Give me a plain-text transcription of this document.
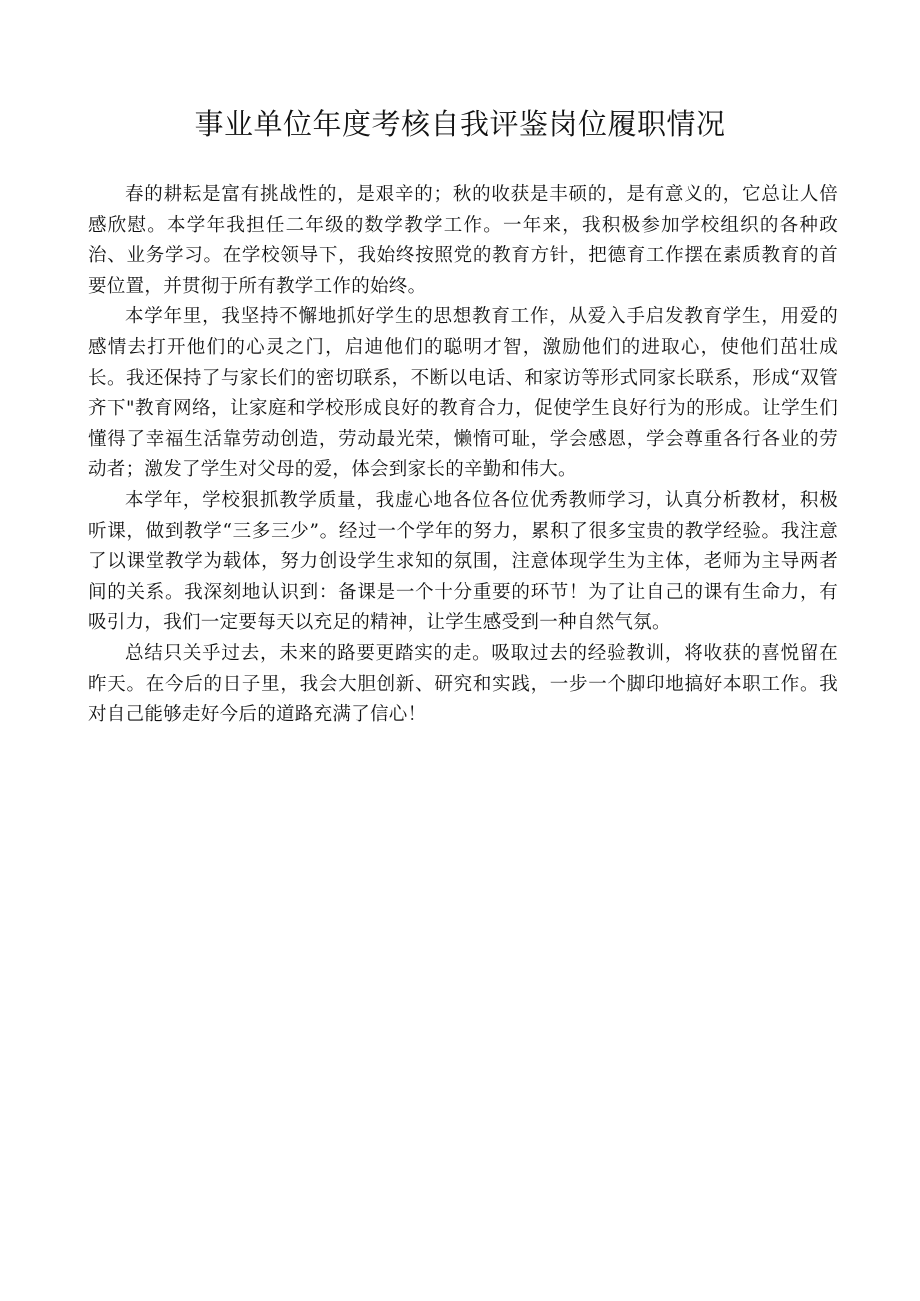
事业单位年度考核自我评鉴岗位履职情况

春的耕耘是富有挑战性的，是艰辛的；秋的收获是丰硕的，是有意义的，它总让人倍感欣慰。本学年我担任二年级的数学教学工作。一年来，我积极参加学校组织的各种政治、业务学习。在学校领导下，我始终按照党的教育方针，把德育工作摆在素质教育的首要位置，并贯彻于所有教学工作的始终。

本学年里，我坚持不懈地抓好学生的思想教育工作，从爱入手启发教育学生，用爱的感情去打开他们的心灵之门，启迪他们的聪明才智，激励他们的进取心，使他们茁壮成长。我还保持了与家长们的密切联系，不断以电话、和家访等形式同家长联系，形成“双管齐下"教育网络，让家庭和学校形成良好的教育合力，促使学生良好行为的形成。让学生们懂得了幸福生活靠劳动创造，劳动最光荣，懒惰可耻，学会感恩，学会尊重各行各业的劳动者；激发了学生对父母的爱，体会到家长的辛勤和伟大。

本学年，学校狠抓教学质量，我虚心地各位各位优秀教师学习，认真分析教材，积极听课，做到教学“三多三少”。经过一个学年的努力，累积了很多宝贵的教学经验。我注意了以课堂教学为载体，努力创设学生求知的氛围，注意体现学生为主体，老师为主导两者间的关系。我深刻地认识到：备课是一个十分重要的环节！为了让自己的课有生命力，有吸引力，我们一定要每天以充足的精神，让学生感受到一种自然气氛。

总结只关乎过去，未来的路要更踏实的走。吸取过去的经验教训，将收获的喜悦留在昨天。在今后的日子里，我会大胆创新、研究和实践，一步一个脚印地搞好本职工作。我对自己能够走好今后的道路充满了信心！
